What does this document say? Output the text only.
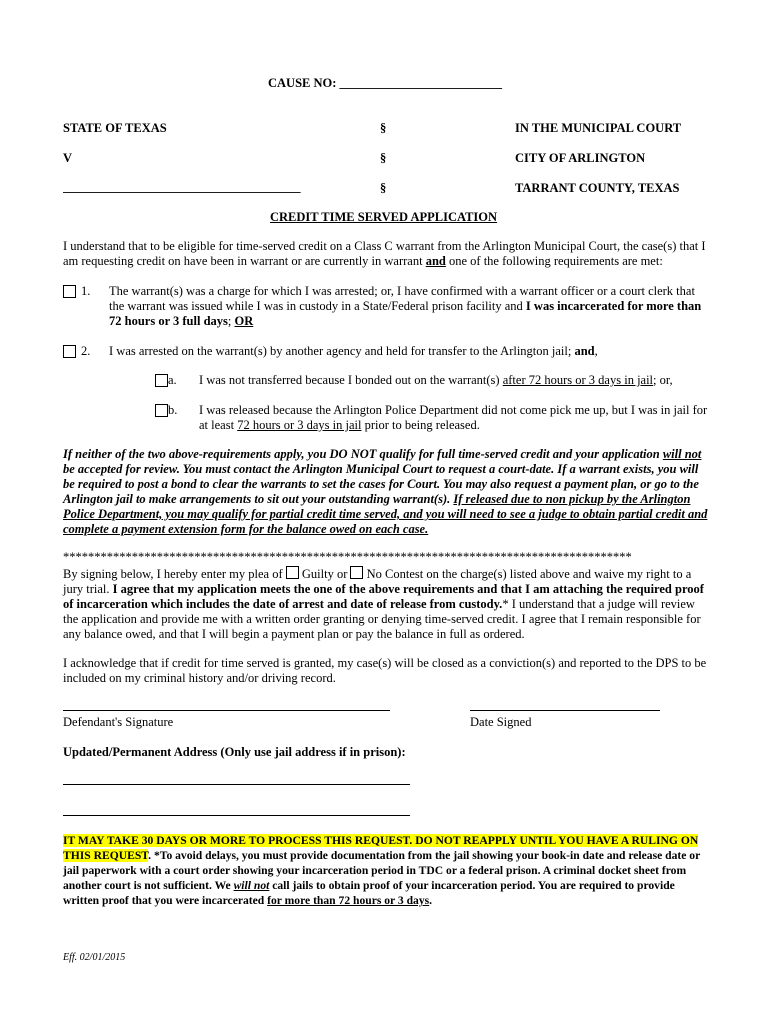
CAUSE NO: __________________________
STATE OF TEXAS	§	IN THE MUNICIPAL COURT
V	§	CITY OF ARLINGTON
______________________________________	§	TARRANT COUNTY, TEXAS
CREDIT TIME SERVED APPLICATION
I understand that to be eligible for time-served credit on a Class C warrant from the Arlington Municipal Court, the case(s) that I am requesting credit on have been in warrant or are currently in warrant and one of the following requirements are met:
1. The warrant(s) was a charge for which I was arrested; or, I have confirmed with a warrant officer or a court clerk that the warrant was issued while I was in custody in a State/Federal prison facility and I was incarcerated for more than 72 hours or 3 full days; OR
2. I was arrested on the warrant(s) by another agency and held for transfer to the Arlington jail; and,
a. I was not transferred because I bonded out on the warrant(s) after 72 hours or 3 days in jail; or,
b. I was released because the Arlington Police Department did not come pick me up, but I was in jail for at least 72 hours or 3 days in jail prior to being released.
If neither of the two above-requirements apply, you DO NOT qualify for full time-served credit and your application will not be accepted for review. You must contact the Arlington Municipal Court to request a court-date. If a warrant exists, you will be required to post a bond to clear the warrants to set the cases for Court. You may also request a payment plan, or go to the Arlington jail to make arrangements to sit out your outstanding warrant(s). If released due to non pickup by the Arlington Police Department, you may qualify for partial credit time served, and you will need to see a judge to obtain partial credit and complete a payment extension form for the balance owed on each case.
*******************************************************************************************
By signing below, I hereby enter my plea of  Guilty or  No Contest on the charge(s) listed above and waive my right to a jury trial. I agree that my application meets the one of the above requirements and that I am attaching the required proof of incarceration which includes the date of arrest and date of release from custody.* I understand that a judge will review the application and provide me with a written order granting or denying time-served credit. I agree that I remain responsible for any balance owed, and that I will begin a payment plan or pay the balance in full as ordered.
I acknowledge that if credit for time served is granted, my case(s) will be closed as a conviction(s) and reported to the DPS to be included on my criminal history and/or driving record.
Defendant's Signature	Date Signed
Updated/Permanent Address (Only use jail address if in prison):
IT MAY TAKE 30 DAYS OR MORE TO PROCESS THIS REQUEST. DO NOT REAPPLY UNTIL YOU HAVE A RULING ON THIS REQUEST. *To avoid delays, you must provide documentation from the jail showing your book-in date and release date or jail paperwork with a court order showing your incarceration period in TDC or a federal prison. A criminal docket sheet from another court is not sufficient. We will not call jails to obtain proof of your incarceration period. You are required to provide written proof that you were incarcerated for more than 72 hours or 3 days.
Eff. 02/01/2015
